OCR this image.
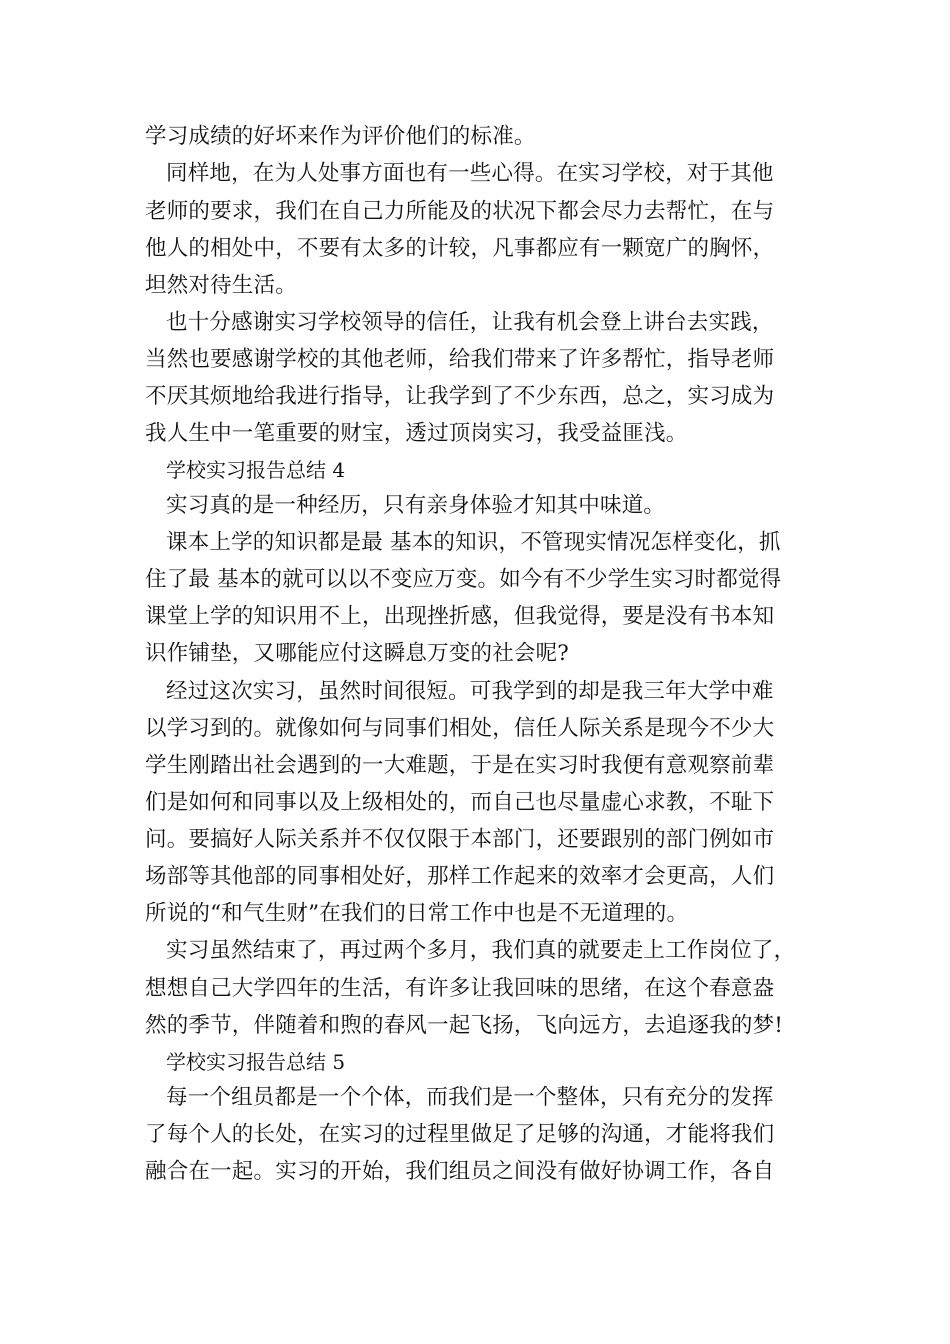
学习成绩的好坏来作为评价他们的标准。
同样地，在为人处事方面也有一些心得。在实习学校，对于其他
老师的要求，我们在自己力所能及的状况下都会尽力去帮忙，在与
他人的相处中，不要有太多的计较，凡事都应有一颗宽广的胸怀，
坦然对待生活。
也十分感谢实习学校领导的信任，让我有机会登上讲台去实践，
当然也要感谢学校的其他老师，给我们带来了许多帮忙，指导老师
不厌其烦地给我进行指导，让我学到了不少东西，总之，实习成为
我人生中一笔重要的财宝，透过顶岗实习，我受益匪浅。
学校实习报告总结 4
实习真的是一种经历，只有亲身体验才知其中味道。
课本上学的知识都是最 基本的知识，不管现实情况怎样变化，抓
住了最 基本的就可以以不变应万变。如今有不少学生实习时都觉得
课堂上学的知识用不上，出现挫折感，但我觉得，要是没有书本知
识作铺垫，又哪能应付这瞬息万变的社会呢?
经过这次实习，虽然时间很短。可我学到的却是我三年大学中难
以学习到的。就像如何与同事们相处，信任人际关系是现今不少大
学生刚踏出社会遇到的一大难题，于是在实习时我便有意观察前辈
们是如何和同事以及上级相处的，而自己也尽量虚心求教，不耻下
问。要搞好人际关系并不仅仅限于本部门，还要跟别的部门例如市
场部等其他部的同事相处好，那样工作起来的效率才会更高，人们
所说的“和气生财”在我们的日常工作中也是不无道理的。
实习虽然结束了，再过两个多月，我们真的就要走上工作岗位了，
想想自己大学四年的生活，有许多让我回味的思绪，在这个春意盎
然的季节，伴随着和煦的春风一起飞扬，飞向远方，去追逐我的梦!
学校实习报告总结 5
每一个组员都是一个个体，而我们是一个整体，只有充分的发挥
了每个人的长处，在实习的过程里做足了足够的沟通，才能将我们
融合在一起。实习的开始，我们组员之间没有做好协调工作，各自
